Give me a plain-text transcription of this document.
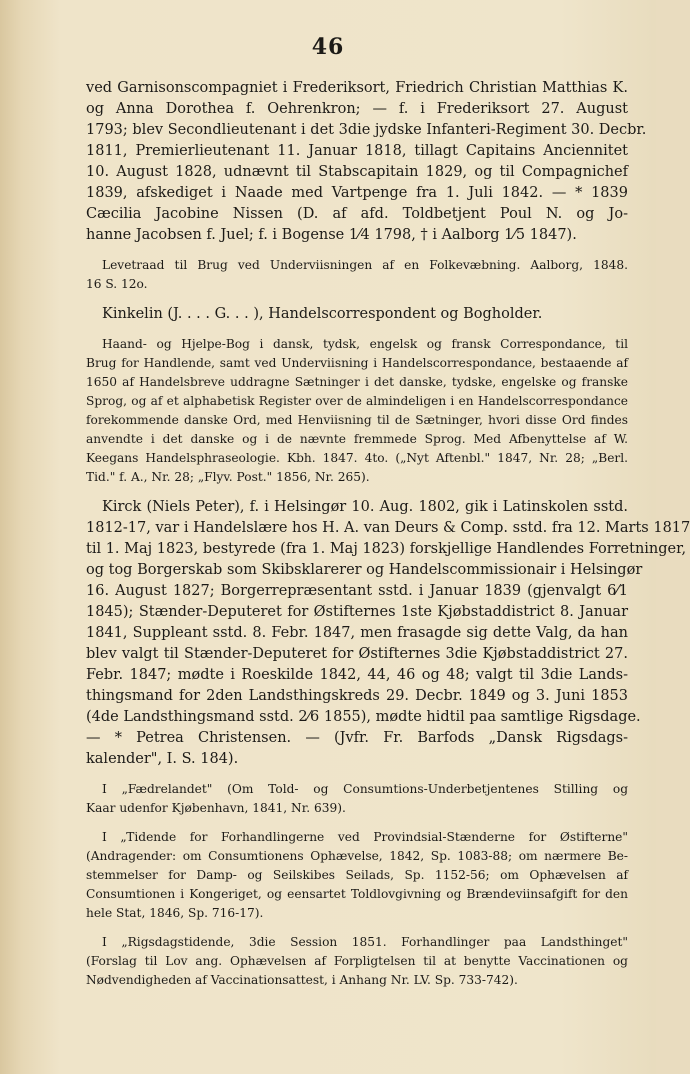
46
ved Garnisonscompagniet i Frederiksort, Friedrich Christian Matthias K.
og Anna Dorothea f. Oehrenkron; — f. i Frederiksort 27. August
1793; blev Secondlieutenant i det 3die jydske Infanteri-Regiment 30. Decbr.
1811, Premierlieutenant 11. Januar 1818, tillagt Capitains Anciennitet
10. August 1828, udnævnt til Stabscapitain 1829, og til Compagnichef
1839, afskediget i Naade med Vartpenge fra 1. Juli 1842. — * 1839
Cæcilia Jacobine Nissen (D. af afd. Toldbetjent Poul N. og Jo-
hanne Jacobsen f. Juel; f. i Bogense 1⁄4 1798, † i Aalborg 1⁄5 1847).
Levetraad til Brug ved Underviisningen af en Folkevæbning. Aalborg, 1848.
16 S. 12o.
Kinkelin (J. . . . G. . . ), Handelscorrespondent og Bogholder.
Haand- og Hjelpe-Bog i dansk, tydsk, engelsk og fransk Correspondance, til
Brug for Handlende, samt ved Underviisning i Handelscorrespondance, bestaaende af
1650 af Handelsbreve uddragne Sætninger i det danske, tydske, engelske og franske
Sprog, og af et alphabetisk Register over de almindeligen i en Handelscorrespondance
forekommende danske Ord, med Henviisning til de Sætninger, hvori disse Ord findes
anvendte i det danske og i de nævnte fremmede Sprog. Med Afbenyttelse af W.
Keegans Handelsphraseologie. Kbh. 1847. 4to. („Nyt Aftenbl." 1847, Nr. 28; „Berl.
Tid." f. A., Nr. 28; „Flyv. Post." 1856, Nr. 265).
Kirck (Niels Peter), f. i Helsingør 10. Aug. 1802, gik i Latinskolen sstd.
1812-17, var i Handelslære hos H. A. van Deurs & Comp. sstd. fra 12. Marts 1817
til 1. Maj 1823, bestyrede (fra 1. Maj 1823) forskjellige Handlendes Forretninger,
og tog Borgerskab som Skibsklarerer og Handelscommissionair i Helsingør
16. August 1827; Borgerrepræsentant sstd. i Januar 1839 (gjenvalgt 6⁄1
1845); Stænder-Deputeret for Østifternes 1ste Kjøbstaddistrict 8. Januar
1841, Suppleant sstd. 8. Febr. 1847, men frasagde sig dette Valg, da han
blev valgt til Stænder-Deputeret for Østifternes 3die Kjøbstaddistrict 27.
Febr. 1847; mødte i Roeskilde 1842, 44, 46 og 48; valgt til 3die Lands-
thingsmand for 2den Landsthingskreds 29. Decbr. 1849 og 3. Juni 1853
(4de Landsthingsmand sstd. 2⁄6 1855), mødte hidtil paa samtlige Rigsdage.
— * Petrea Christensen. — (Jvfr. Fr. Barfods „Dansk Rigsdags-
kalender", I. S. 184).
I „Fædrelandet" (Om Told- og Consumtions-Underbetjentenes Stilling og
Kaar udenfor Kjøbenhavn, 1841, Nr. 639).
I „Tidende for Forhandlingerne ved Provindsial-Stænderne for Østifterne"
(Andragender: om Consumtionens Ophævelse, 1842, Sp. 1083-88; om nærmere Be-
stemmelser for Damp- og Seilskibes Seilads, Sp. 1152-56; om Ophævelsen af
Consumtionen i Kongeriget, og eensartet Toldlovgivning og Brændeviinsafgift for den
hele Stat, 1846, Sp. 716-17).
I „Rigsdagstidende, 3die Session 1851. Forhandlinger paa Landsthinget"
(Forslag til Lov ang. Ophævelsen af Forpligtelsen til at benytte Vaccinationen og
Nødvendigheden af Vaccinationsattest, i Anhang Nr. LV. Sp. 733-742).
